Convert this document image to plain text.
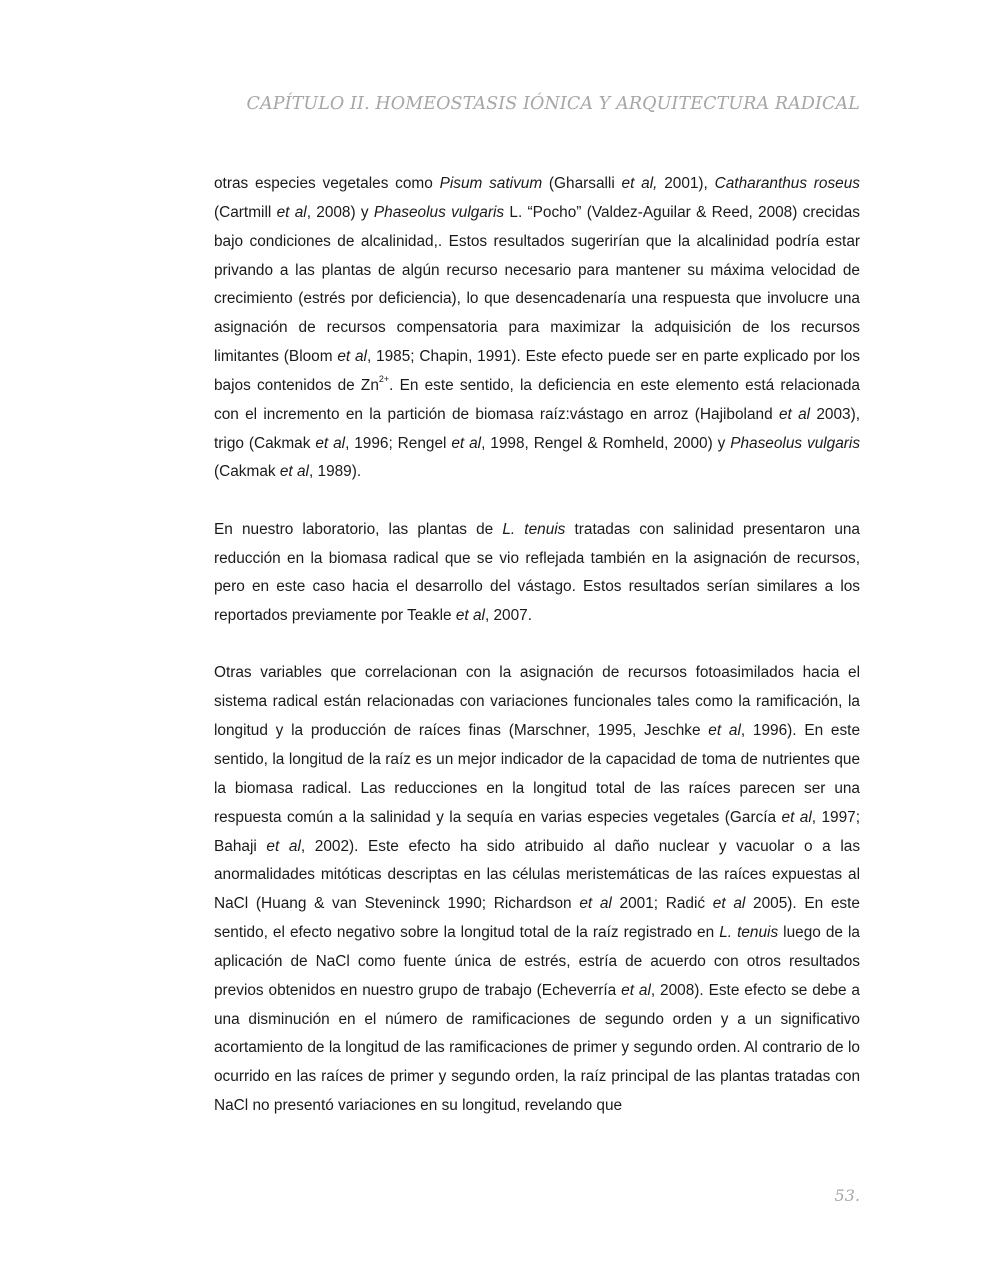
CAPÍTULO II. HOMEOSTASIS IÓNICA Y ARQUITECTURA RADICAL

otras especies vegetales como Pisum sativum (Gharsalli et al, 2001), Catharanthus roseus (Cartmill et al, 2008) y Phaseolus vulgaris L. “Pocho” (Valdez-Aguilar & Reed, 2008) crecidas bajo condiciones de alcalinidad,. Estos resultados sugerirían que la alcalinidad podría estar privando a las plantas de algún recurso necesario para mantener su máxima velocidad de crecimiento (estrés por deficiencia), lo que desencadenaría una respuesta que involucre una asignación de recursos compensatoria para maximizar la adquisición de los recursos limitantes (Bloom et al, 1985; Chapin, 1991). Este efecto puede ser en parte explicado por los bajos contenidos de $Zn^{2+}$. En este sentido, la deficiencia en este elemento está relacionada con el incremento en la partición de biomasa raíz:vástago en arroz (Hajiboland et al 2003), trigo (Cakmak et al, 1996; Rengel et al, 1998, Rengel & Romheld, 2000) y Phaseolus vulgaris (Cakmak et al, 1989).

En nuestro laboratorio, las plantas de L. tenuis tratadas con salinidad presentaron una reducción en la biomasa radical que se vio reflejada también en la asignación de recursos, pero en este caso hacia el desarrollo del vástago. Estos resultados serían similares a los reportados previamente por Teakle et al, 2007.

Otras variables que correlacionan con la asignación de recursos fotoasimilados hacia el sistema radical están relacionadas con variaciones funcionales tales como la ramificación, la longitud y la producción de raíces finas (Marschner, 1995, Jeschke et al, 1996). En este sentido, la longitud de la raíz es un mejor indicador de la capacidad de toma de nutrientes que la biomasa radical. Las reducciones en la longitud total de las raíces parecen ser una respuesta común a la salinidad y la sequía en varias especies vegetales (García et al, 1997; Bahaji et al, 2002). Este efecto ha sido atribuido al daño nuclear y vacuolar o a las anormalidades mitóticas descriptas en las células meristemáticas de las raíces expuestas al NaCl (Huang & van Steveninck 1990; Richardson et al 2001; Radić et al 2005). En este sentido, el efecto negativo sobre la longitud total de la raíz registrado en L. tenuis luego de la aplicación de NaCl como fuente única de estrés, estría de acuerdo con otros resultados previos obtenidos en nuestro grupo de trabajo (Echeverría et al, 2008). Este efecto se debe a una disminución en el número de ramificaciones de segundo orden y a un significativo acortamiento de la longitud de las ramificaciones de primer y segundo orden. Al contrario de lo ocurrido en las raíces de primer y segundo orden, la raíz principal de las plantas tratadas con NaCl no presentó variaciones en su longitud, revelando que

53.
